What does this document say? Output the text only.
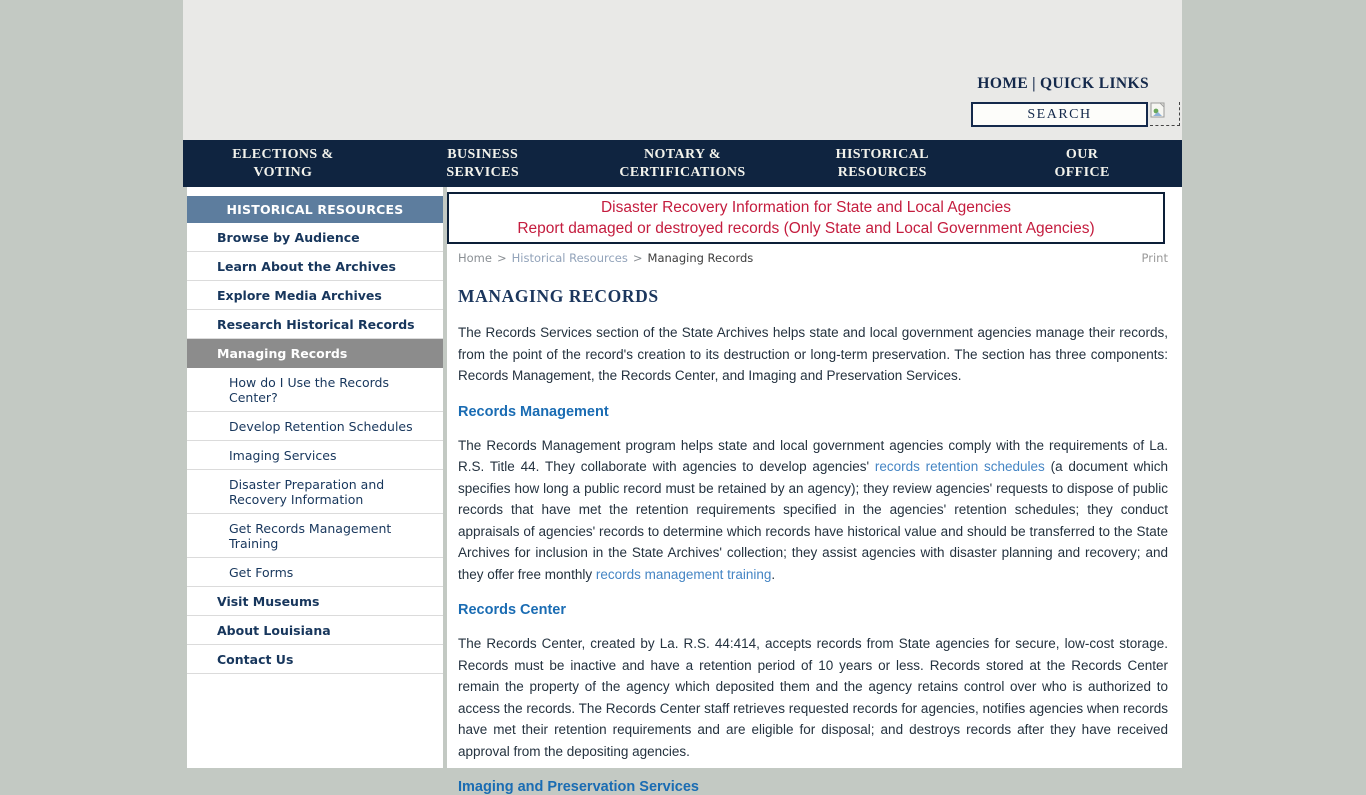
HOME | QUICK LINKS
SEARCH
ELECTIONS &
VOTING
BUSINESS
SERVICES
NOTARY &
CERTIFICATIONS
HISTORICAL
RESOURCES
OUR
OFFICE
HISTORICAL RESOURCES
Browse by Audience
Learn About the Archives
Explore Media Archives
Research Historical Records
Managing Records
How do I Use the Records Center?
Develop Retention Schedules
Imaging Services
Disaster Preparation and Recovery Information
Get Records Management Training
Get Forms
Visit Museums
About Louisiana
Contact Us
Disaster Recovery Information for State and Local Agencies
Report damaged or destroyed records (Only State and Local Government Agencies)
Home > Historical Resources > Managing Records	Print
MANAGING RECORDS

The Records Services section of the State Archives helps state and local government agencies manage their records, from the point of the record's creation to its destruction or long-term preservation. The section has three components: Records Management, the Records Center, and Imaging and Preservation Services.

Records Management

The Records Management program helps state and local government agencies comply with the requirements of La. R.S. Title 44. They collaborate with agencies to develop agencies' records retention schedules (a document which specifies how long a public record must be retained by an agency); they review agencies' requests to dispose of public records that have met the retention requirements specified in the agencies' retention schedules; they conduct appraisals of agencies' records to determine which records have historical value and should be transferred to the State Archives for inclusion in the State Archives' collection; they assist agencies with disaster planning and recovery; and they offer free monthly records management training.

Records Center

The Records Center, created by La. R.S. 44:414, accepts records from State agencies for secure, low-cost storage. Records must be inactive and have a retention period of 10 years or less. Records stored at the Records Center remain the property of the agency which deposited them and the agency retains control over who is authorized to access the records. The Records Center staff retrieves requested records for agencies, notifies agencies when records have met their retention requirements and are eligible for disposal; and destroys records after they have received approval from the depositing agencies.

Imaging and Preservation Services
